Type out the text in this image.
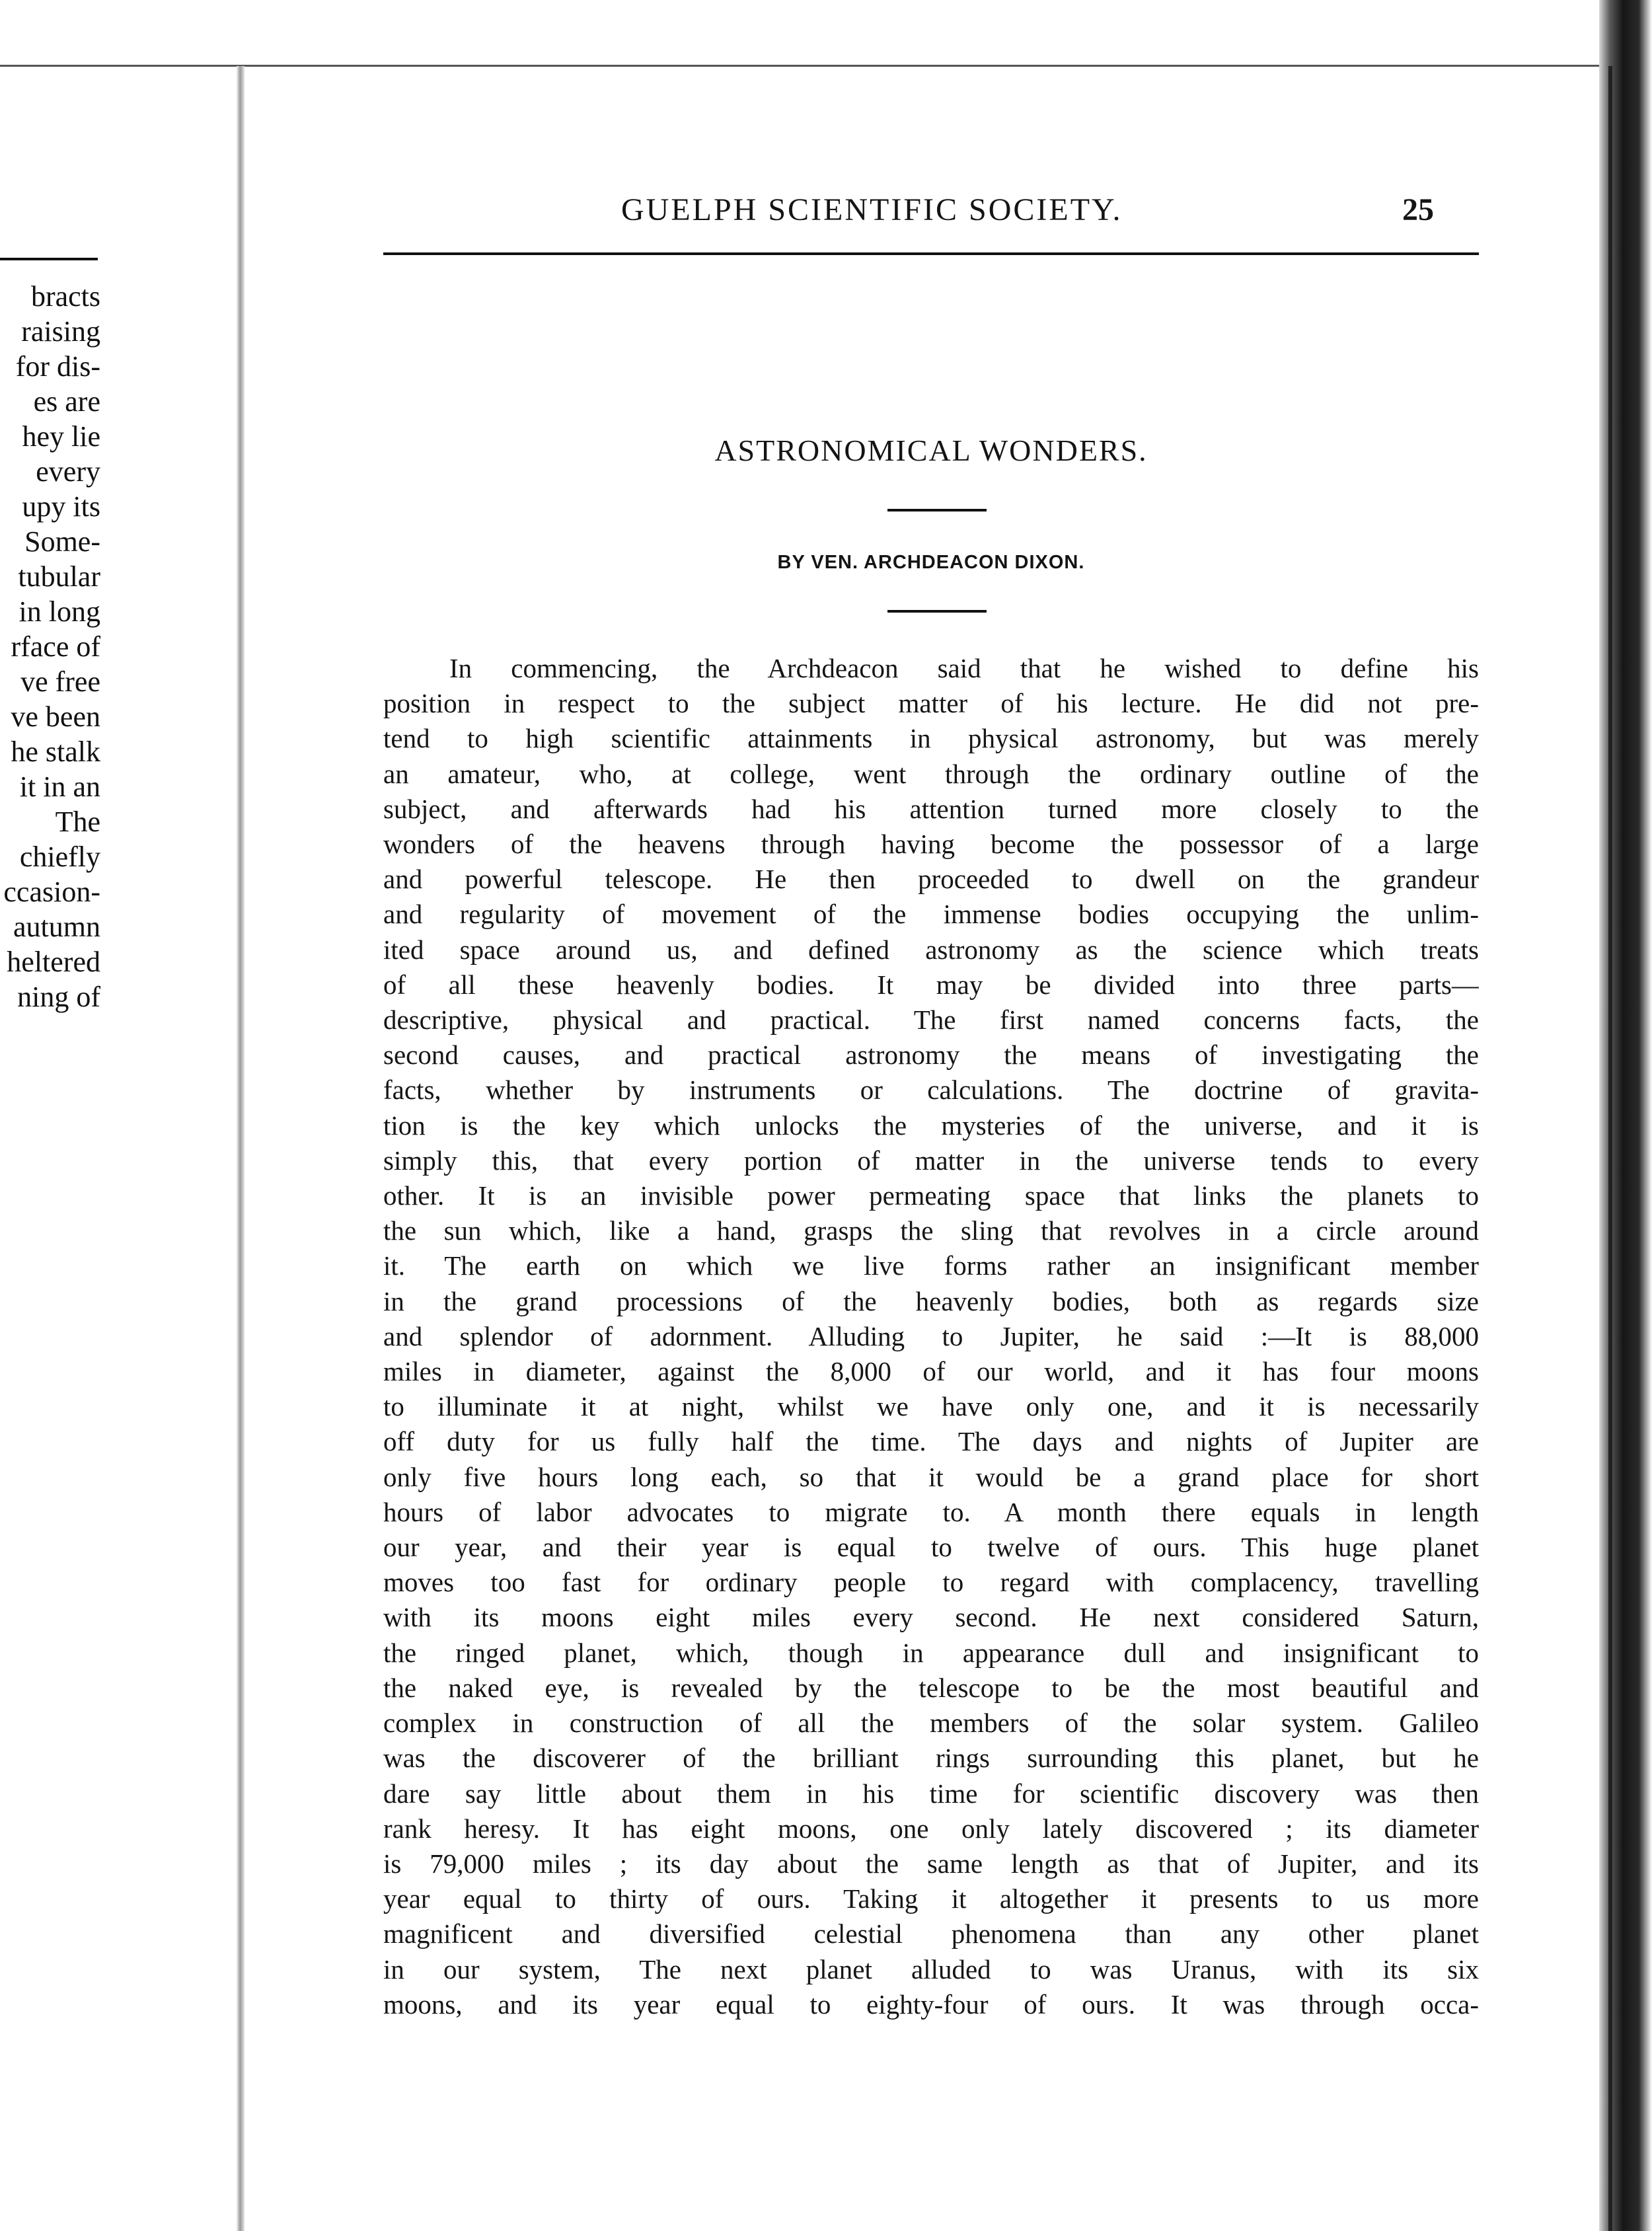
bracts
raising
for dis-
es are
hey lie
every
upy its
Some-
tubular
in long
rface of
ve free
ve been
he stalk
it in an
The
chiefly
ccasion-
autumn
heltered
ning of
GUELPH SCIENTIFIC SOCIETY.	25
ASTRONOMICAL WONDERS.
BY VEN. ARCHDEACON DIXON.
In commencing, the Archdeacon said that he wished to define his
position in respect to the subject matter of his lecture. He did not pre-
tend to high scientific attainments in physical astronomy, but was merely
an amateur, who, at college, went through the ordinary outline of the
subject, and afterwards had his attention turned more closely to the
wonders of the heavens through having become the possessor of a large
and powerful telescope. He then proceeded to dwell on the grandeur
and regularity of movement of the immense bodies occupying the unlim-
ited space around us, and defined astronomy as the science which treats
of all these heavenly bodies. It may be divided into three parts—
descriptive, physical and practical. The first named concerns facts, the
second causes, and practical astronomy the means of investigating the
facts, whether by instruments or calculations. The doctrine of gravita-
tion is the key which unlocks the mysteries of the universe, and it is
simply this, that every portion of matter in the universe tends to every
other. It is an invisible power permeating space that links the planets to
the sun which, like a hand, grasps the sling that revolves in a circle around
it. The earth on which we live forms rather an insignificant member
in the grand processions of the heavenly bodies, both as regards size
and splendor of adornment. Alluding to Jupiter, he said :—It is 88,000
miles in diameter, against the 8,000 of our world, and it has four moons
to illuminate it at night, whilst we have only one, and it is necessarily
off duty for us fully half the time. The days and nights of Jupiter are
only five hours long each, so that it would be a grand place for short
hours of labor advocates to migrate to. A month there equals in length
our year, and their year is equal to twelve of ours. This huge planet
moves too fast for ordinary people to regard with complacency, travelling
with its moons eight miles every second. He next considered Saturn,
the ringed planet, which, though in appearance dull and insignificant to
the naked eye, is revealed by the telescope to be the most beautiful and
complex in construction of all the members of the solar system. Galileo
was the discoverer of the brilliant rings surrounding this planet, but he
dare say little about them in his time for scientific discovery was then
rank heresy. It has eight moons, one only lately discovered ; its diameter
is 79,000 miles ; its day about the same length as that of Jupiter, and its
year equal to thirty of ours. Taking it altogether it presents to us more
magnificent and diversified celestial phenomena than any other planet
in our system, The next planet alluded to was Uranus, with its six
moons, and its year equal to eighty-four of ours. It was through occa-
